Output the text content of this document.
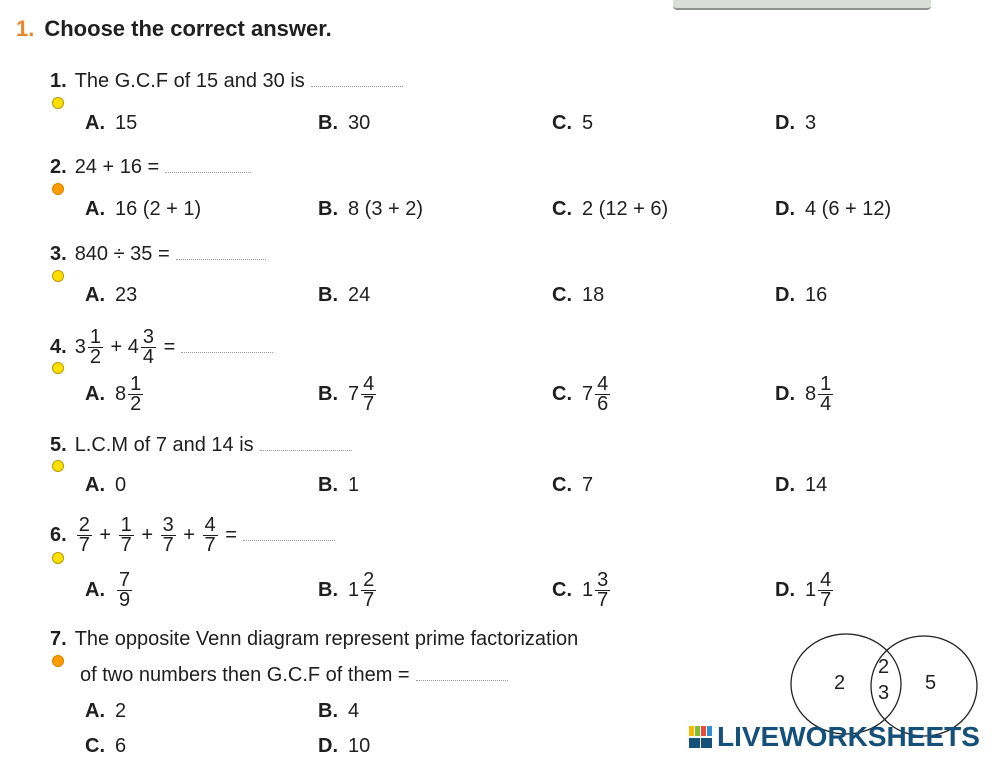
1. Choose the correct answer.
1. The G.C.F of 15 and 30 is
A. 15	B. 30	C. 5	D. 3
2. 24 + 16 =
A. 16 (2 + 1)	B. 8 (3 + 2)	C. 2 (12 + 6)	D. 4 (6 + 12)
3. 840 ÷ 35 =
A. 23	B. 24	C. 18	D. 16
4. $3 \frac{1}{2} + 4 \frac{3}{4}$ =
A. $8 \frac{1}{2}$	B. $7 \frac{4}{7}$	C. $7 \frac{4}{6}$	D. $8 \frac{1}{4}$
5. L.C.M of 7 and 14 is
A. 0	B. 1	C. 7	D. 14
6. $\frac{2}{7} + \frac{1}{7} + \frac{3}{7} + \frac{4}{7}$ =
A. $\frac{7}{9}$	B. $1 \frac{2}{7}$	C. $1 \frac{3}{7}$	D. $1 \frac{4}{7}$
7. The opposite Venn diagram represent prime factorization
of two numbers then G.C.F of them =
A. 2	B. 4
C. 6	D. 10
2
2
3 5
LIVEWORKSHEETS
